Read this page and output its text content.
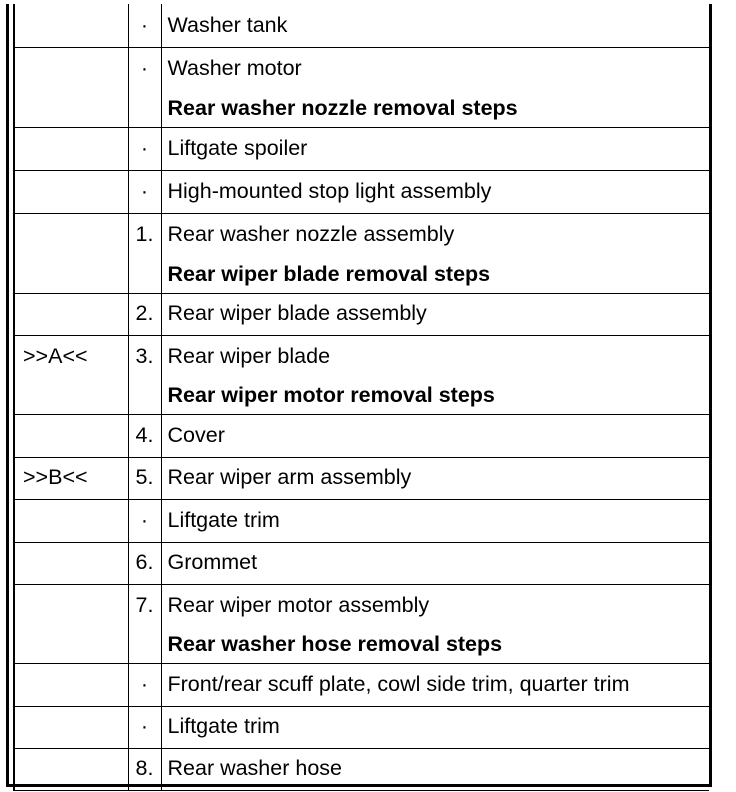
	·	Washer tank
	·	Washer motor
		Rear washer nozzle removal steps
	·	Liftgate spoiler
	·	High-mounted stop light assembly
	1.	Rear washer nozzle assembly
		Rear wiper blade removal steps
	2.	Rear wiper blade assembly
>>A<<	3.	Rear wiper blade
		Rear wiper motor removal steps
	4.	Cover
>>B<<	5.	Rear wiper arm assembly
	·	Liftgate trim
	6.	Grommet
	7.	Rear wiper motor assembly
		Rear washer hose removal steps
	·	Front/rear scuff plate, cowl side trim, quarter trim
	·	Liftgate trim
	8.	Rear washer hose
